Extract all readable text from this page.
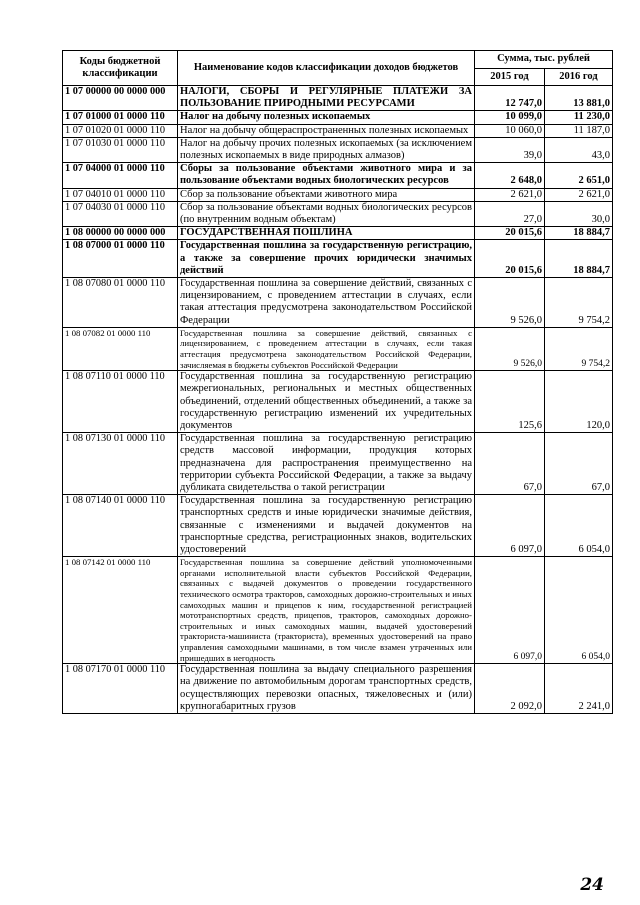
Коды бюджетной классификации	Наименование кодов классификации доходов бюджетов	Сумма, тыс. рублей	
		2015 год	2016 год
1 07 00000 00 0000 000	НАЛОГИ, СБОРЫ И РЕГУЛЯРНЫЕ ПЛАТЕЖИ ЗА ПОЛЬЗОВАНИЕ ПРИРОДНЫМИ РЕСУРСАМИ	12 747,0	13 881,0
1 07 01000 01 0000 110	Налог на добычу полезных ископаемых	10 099,0	11 230,0
1 07 01020 01 0000 110	Налог на добычу общераспространенных полезных ископаемых	10 060,0	11 187,0
1 07 01030 01 0000 110	Налог на добычу прочих полезных ископаемых (за исключением полезных ископаемых в виде природных алмазов)	39,0	43,0
1 07 04000 01 0000 110	Сборы за пользование объектами животного мира и за пользование объектами водных биологических ресурсов	2 648,0	2 651,0
1 07 04010 01 0000 110	Сбор за пользование объектами животного мира	2 621,0	2 621,0
1 07 04030 01 0000 110	Сбор за пользование объектами водных биологических ресурсов (по внутренним водным объектам)	27,0	30,0
1 08 00000 00 0000 000	ГОСУДАРСТВЕННАЯ ПОШЛИНА	20 015,6	18 884,7
1 08 07000 01 0000 110	Государственная пошлина за государственную регистрацию, а также за совершение прочих юридически значимых действий	20 015,6	18 884,7
1 08 07080 01 0000 110	Государственная пошлина за совершение действий, связанных с лицензированием, с проведением аттестации в случаях, если такая аттестация предусмотрена законодательством Российской Федерации	9 526,0	9 754,2
1 08 07082 01 0000 110	Государственная пошлина за совершение действий, связанных с лицензированием, с проведением аттестации в случаях, если такая аттестация предусмотрена законодательством Российской Федерации, зачисляемая в бюджеты субъектов Российской Федерации	9 526,0	9 754,2
1 08 07110 01 0000 110	Государственная пошлина за государственную регистрацию межрегиональных, региональных и местных общественных объединений, отделений общественных объединений, а также за государственную регистрацию изменений их учредительных документов	125,6	120,0
1 08 07130 01 0000 110	Государственная пошлина за государственную регистрацию средств массовой информации, продукция которых предназначена для распространения преимущественно на территории субъекта Российской Федерации, а также за выдачу дубликата свидетельства о такой регистрации	67,0	67,0
1 08 07140 01 0000 110	Государственная пошлина за государственную регистрацию транспортных средств и иные юридически значимые действия, связанные с изменениями и выдачей документов на транспортные средства, регистрационных знаков, водительских удостоверений	6 097,0	6 054,0
1 08 07142 01 0000 110	Государственная пошлина за совершение действий уполномоченными органами исполнительной власти субъектов Российской Федерации, связанных с выдачей документов о проведении государственного технического осмотра тракторов, самоходных дорожно-строительных и иных самоходных машин и прицепов к ним, государственной регистрацией мототранспортных средств, прицепов, тракторов, самоходных дорожно-строительных и иных самоходных машин, выдачей удостоверений тракториста-машиниста (тракториста), временных удостоверений на право управления самоходными машинами, в том числе взамен утраченных или пришедших в негодность	6 097,0	6 054,0
1 08 07170 01 0000 110	Государственная пошлина за выдачу специального разрешения на движение по автомобильным дорогам транспортных средств, осуществляющих перевозки опасных, тяжеловесных и (или) крупногабаритных грузов	2 092,0	2 241,0
24
